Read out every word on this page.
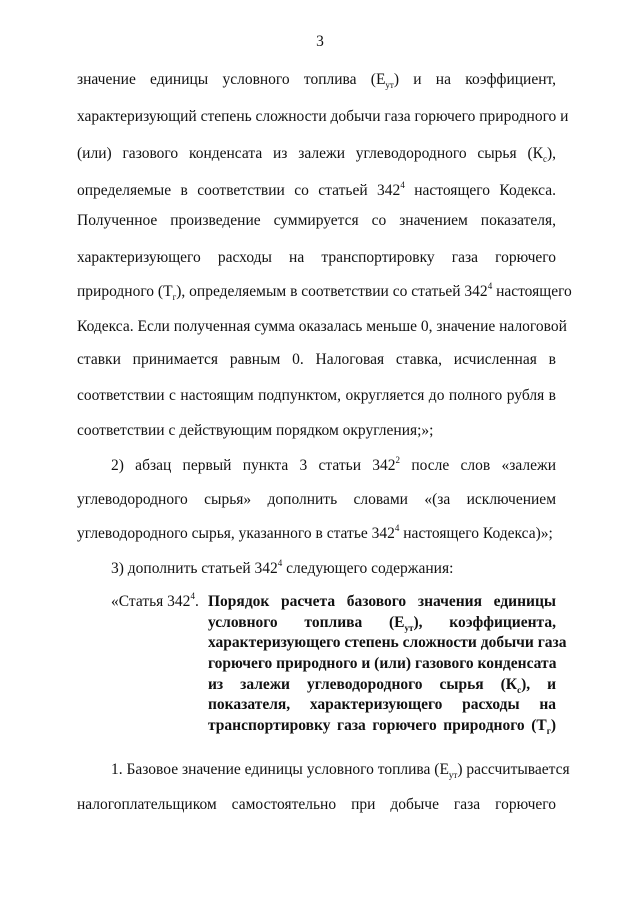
3
значение единицы условного топлива $(Е_{ут})$ и на коэффициент,
характеризующий степень сложности добычи газа горючего природного и
(или) газового конденсата из залежи углеводородного сырья $(К_с)$,
определяемые в соответствии со статьей $342^4$ настоящего Кодекса.
Полученное произведение суммируется со значением показателя,
характеризующего расходы на транспортировку газа горючего
природного $(Т_г)$, определяемым в соответствии со статьей $342^4$ настоящего
Кодекса. Если полученная сумма оказалась меньше 0, значение налоговой
ставки принимается равным 0. Налоговая ставка, исчисленная в
соответствии с настоящим подпунктом, округляется до полного рубля в
соответствии с действующим порядком округления;»;
2) абзац первый пункта 3 статьи $342^2$ после слов «залежи
углеводородного сырья» дополнить словами «(за исключением
углеводородного сырья, указанного в статье $342^4$ настоящего Кодекса)»;
3) дополнить статьей $342^4$ следующего содержания:
«Статья $342^4$. Порядок расчета базового значения единицы
условного топлива $(Е_{ут})$, коэффициента,
характеризующего степень сложности добычи газа
горючего природного и (или) газового конденсата
из залежи углеводородного сырья $(К_с)$, и
показателя, характеризующего расходы на
транспортировку газа горючего природного $(Т_г)$
1. Базовое значение единицы условного топлива $(Е_{ут})$ рассчитывается
налогоплательщиком самостоятельно при добыче газа горючего
